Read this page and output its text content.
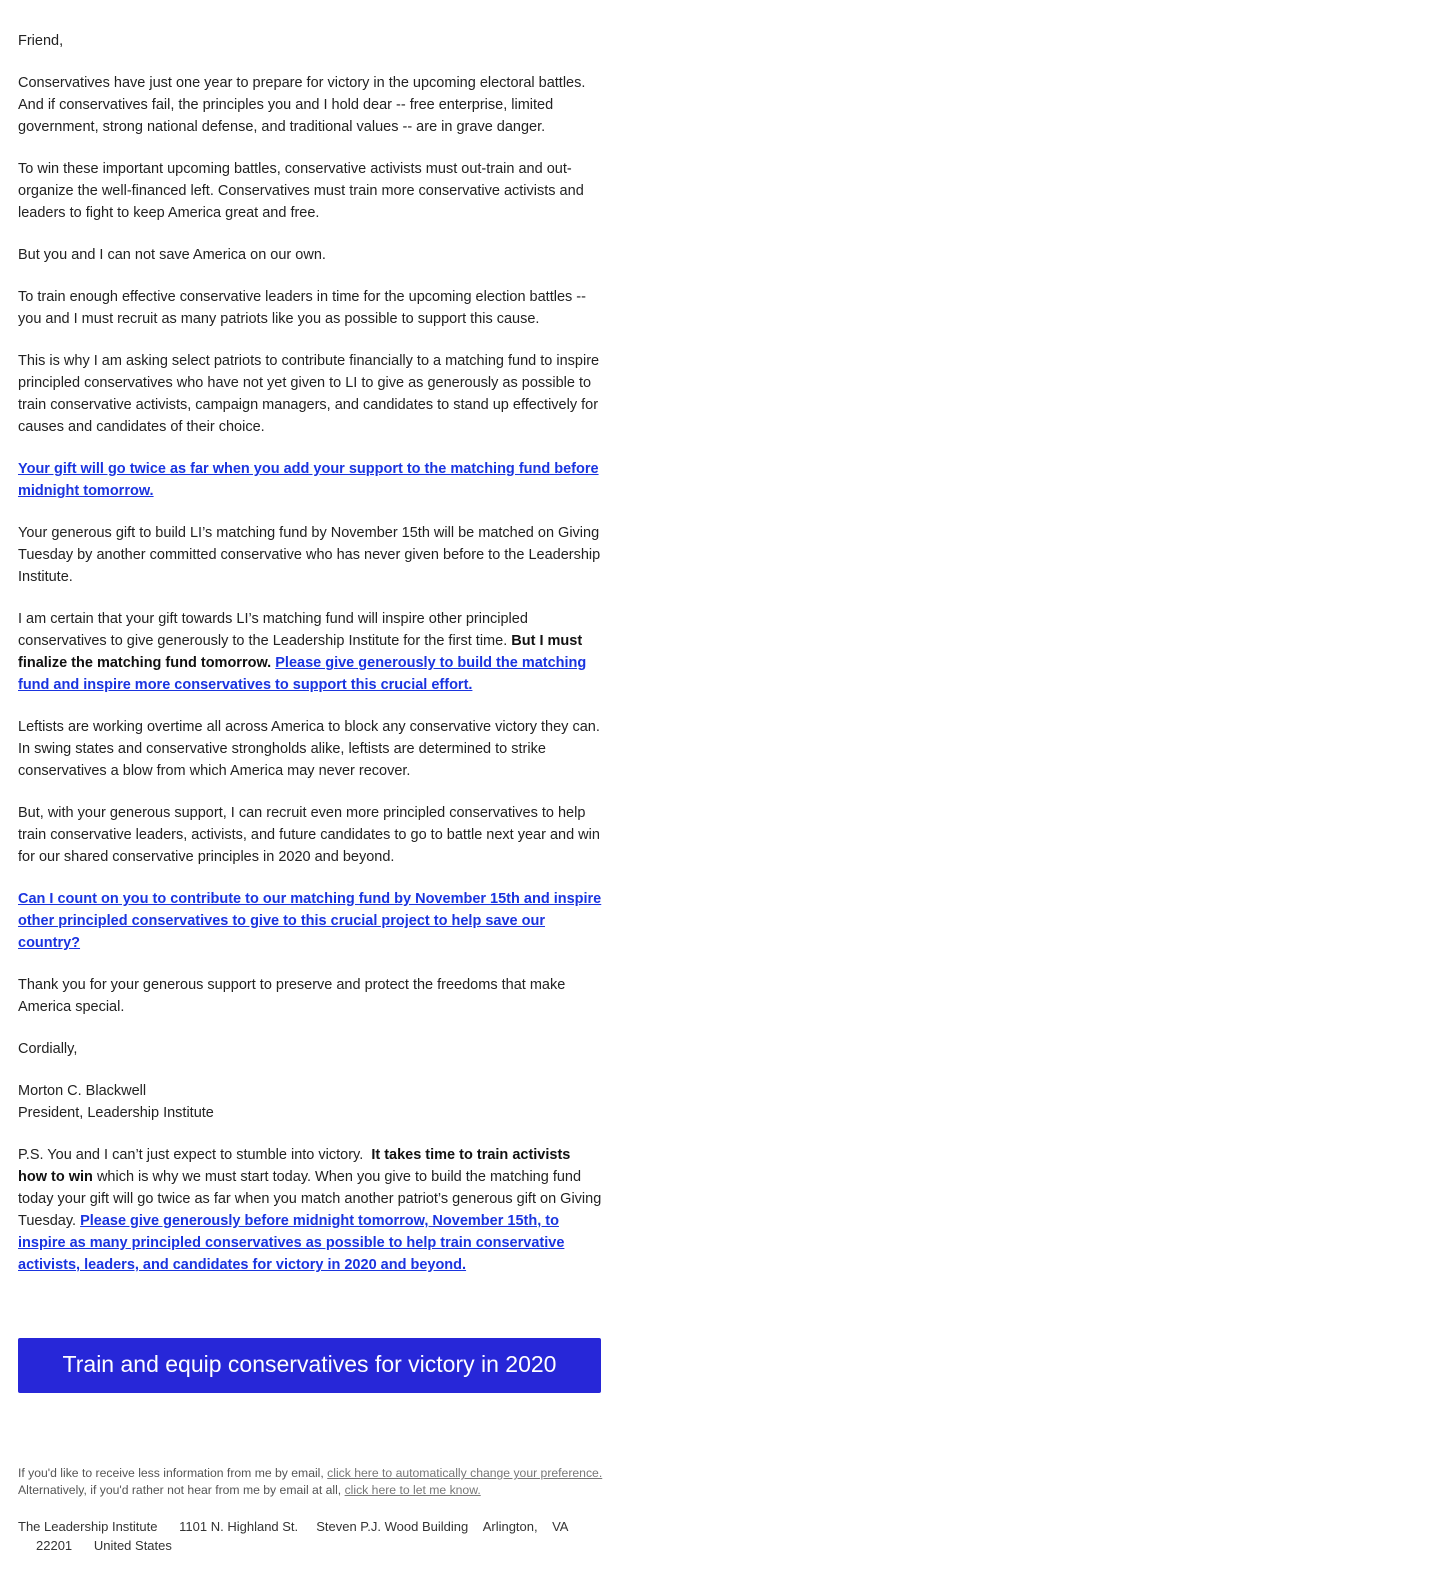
Friend,

Conservatives have just one year to prepare for victory in the upcoming electoral battles. And if conservatives fail, the principles you and I hold dear -- free enterprise, limited government, strong national defense, and traditional values -- are in grave danger.

To win these important upcoming battles, conservative activists must out-train and out-organize the well-financed left. Conservatives must train more conservative activists and leaders to fight to keep America great and free.

But you and I can not save America on our own.

To train enough effective conservative leaders in time for the upcoming election battles -- you and I must recruit as many patriots like you as possible to support this cause.

This is why I am asking select patriots to contribute financially to a matching fund to inspire principled conservatives who have not yet given to LI to give as generously as possible to train conservative activists, campaign managers, and candidates to stand up effectively for causes and candidates of their choice.

Your gift will go twice as far when you add your support to the matching fund before midnight tomorrow.

Your generous gift to build LI’s matching fund by November 15th will be matched on Giving Tuesday by another committed conservative who has never given before to the Leadership Institute.

I am certain that your gift towards LI’s matching fund will inspire other principled conservatives to give generously to the Leadership Institute for the first time. But I must finalize the matching fund tomorrow. Please give generously to build the matching fund and inspire more conservatives to support this crucial effort.

Leftists are working overtime all across America to block any conservative victory they can. In swing states and conservative strongholds alike, leftists are determined to strike conservatives a blow from which America may never recover.

But, with your generous support, I can recruit even more principled conservatives to help train conservative leaders, activists, and future candidates to go to battle next year and win for our shared conservative principles in 2020 and beyond.

Can I count on you to contribute to our matching fund by November 15th and inspire other principled conservatives to give to this crucial project to help save our country?

Thank you for your generous support to preserve and protect the freedoms that make America special.

Cordially,

Morton C. Blackwell
President, Leadership Institute

P.S. You and I can’t just expect to stumble into victory. It takes time to train activists how to win which is why we must start today. When you give to build the matching fund today your gift will go twice as far when you match another patriot’s generous gift on Giving Tuesday. Please give generously before midnight tomorrow, November 15th, to inspire as many principled conservatives as possible to help train conservative activists, leaders, and candidates for victory in 2020 and beyond.

Train and equip conservatives for victory in 2020
If you'd like to receive less information from me by email, click here to automatically change your preference. Alternatively, if you'd rather not hear from me by email at all, click here to let me know.
The Leadership Institute 1101 N. Highland St. Steven P.J. Wood Building Arlington, VA
22201 United States
